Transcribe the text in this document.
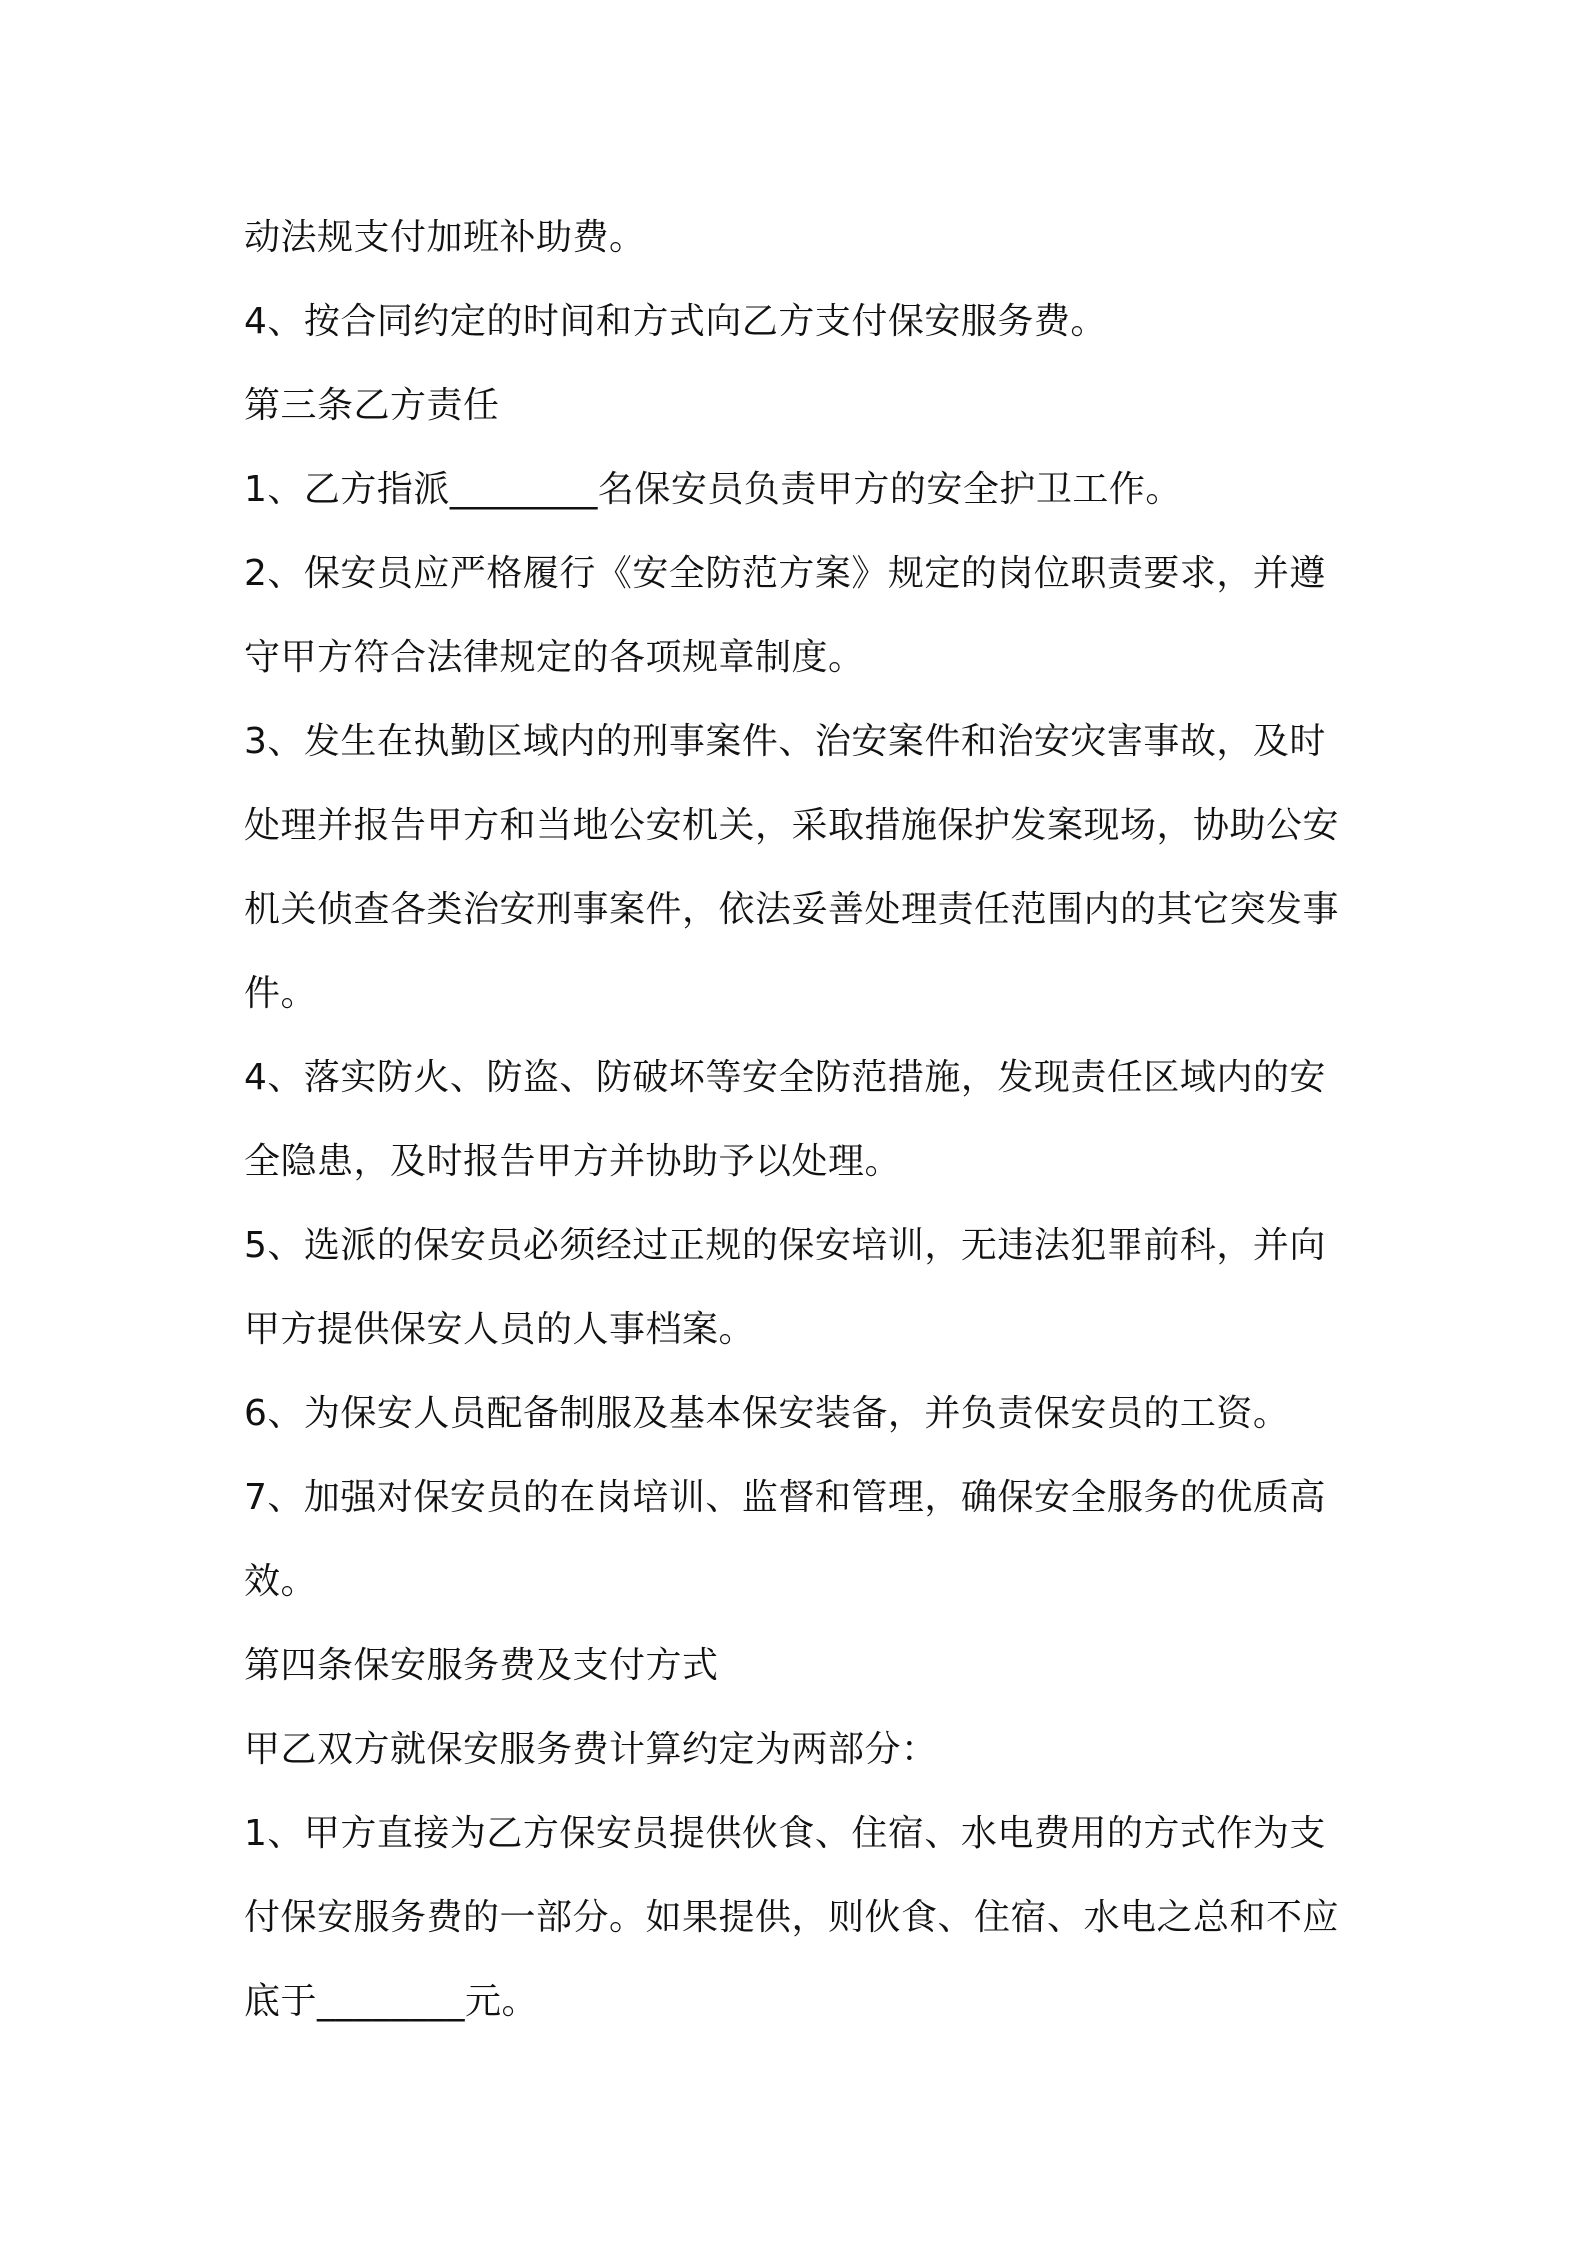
动法规支付加班补助费。
4、按合同约定的时间和方式向乙方支付保安服务费。
第三条乙方责任
1、乙方指派________名保安员负责甲方的安全护卫工作。
2、保安员应严格履行《安全防范方案》规定的岗位职责要求，并遵
守甲方符合法律规定的各项规章制度。
3、发生在执勤区域内的刑事案件、治安案件和治安灾害事故，及时
处理并报告甲方和当地公安机关，采取措施保护发案现场，协助公安
机关侦查各类治安刑事案件，依法妥善处理责任范围内的其它突发事
件。
4、落实防火、防盗、防破坏等安全防范措施，发现责任区域内的安
全隐患，及时报告甲方并协助予以处理。
5、选派的保安员必须经过正规的保安培训，无违法犯罪前科，并向
甲方提供保安人员的人事档案。
6、为保安人员配备制服及基本保安装备，并负责保安员的工资。
7、加强对保安员的在岗培训、监督和管理，确保安全服务的优质高
效。
第四条保安服务费及支付方式
甲乙双方就保安服务费计算约定为两部分：
1、甲方直接为乙方保安员提供伙食、住宿、水电费用的方式作为支
付保安服务费的一部分。如果提供，则伙食、住宿、水电之总和不应
底于________元。
